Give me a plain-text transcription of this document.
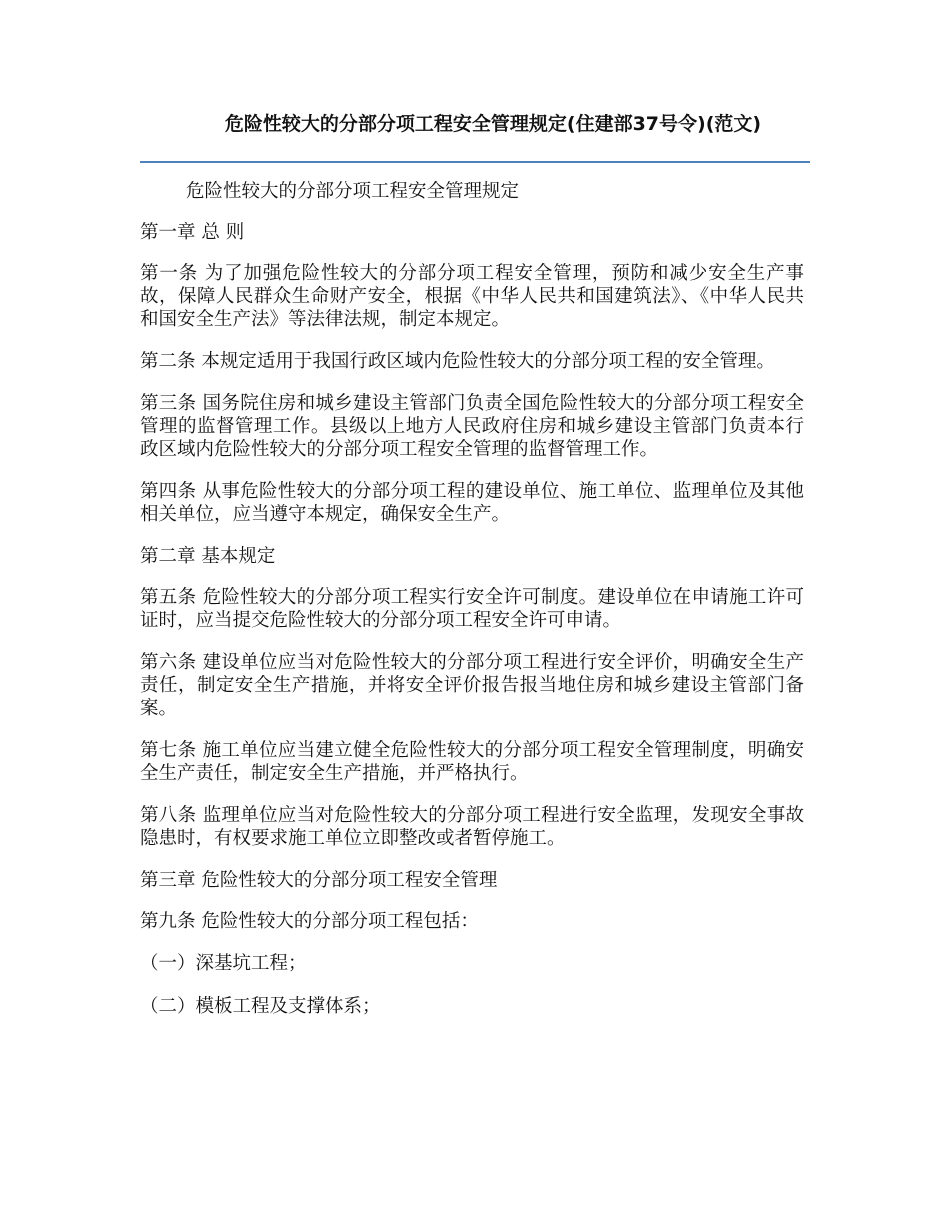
危险性较大的分部分项工程安全管理规定(住建部37号令)(范文)

危险性较大的分部分项工程安全管理规定

第一章 总 则

第一条 为了加强危险性较大的分部分项工程安全管理，预防和减少安全生产事故，保障人民群众生命财产安全，根据《中华人民共和国建筑法》、《中华人民共和国安全生产法》等法律法规，制定本规定。

第二条 本规定适用于我国行政区域内危险性较大的分部分项工程的安全管理。

第三条 国务院住房和城乡建设主管部门负责全国危险性较大的分部分项工程安全管理的监督管理工作。县级以上地方人民政府住房和城乡建设主管部门负责本行政区域内危险性较大的分部分项工程安全管理的监督管理工作。

第四条 从事危险性较大的分部分项工程的建设单位、施工单位、监理单位及其他相关单位，应当遵守本规定，确保安全生产。

第二章 基本规定

第五条 危险性较大的分部分项工程实行安全许可制度。建设单位在申请施工许可证时，应当提交危险性较大的分部分项工程安全许可申请。

第六条 建设单位应当对危险性较大的分部分项工程进行安全评价，明确安全生产责任，制定安全生产措施，并将安全评价报告报当地住房和城乡建设主管部门备案。

第七条 施工单位应当建立健全危险性较大的分部分项工程安全管理制度，明确安全生产责任，制定安全生产措施，并严格执行。

第八条 监理单位应当对危险性较大的分部分项工程进行安全监理，发现安全事故隐患时，有权要求施工单位立即整改或者暂停施工。

第三章 危险性较大的分部分项工程安全管理

第九条 危险性较大的分部分项工程包括：

（一）深基坑工程；

（二）模板工程及支撑体系；
